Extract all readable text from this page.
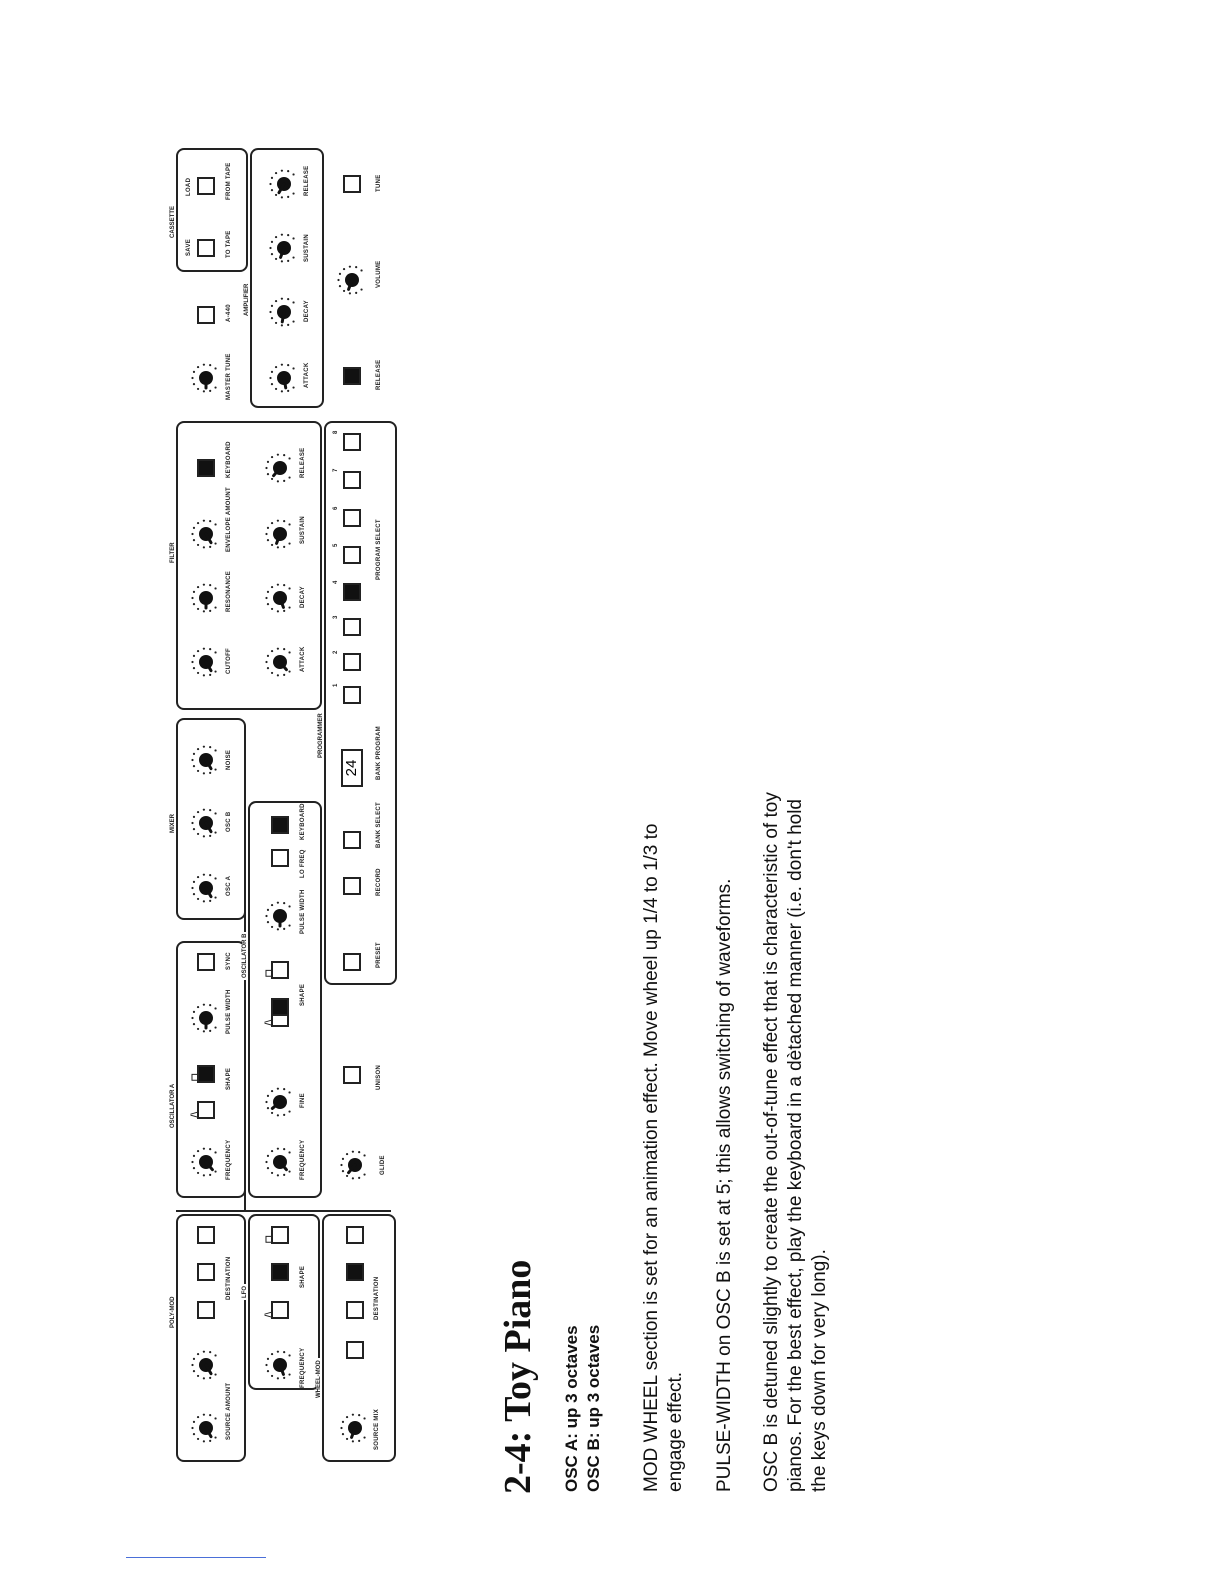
2-4: Toy Piano OSC A: up 3 octaves OSC B: up 3 octaves MOD WHEEL section is set for an animation effect. Move wheel up 1/4 to 1/3 to engage effect. PULSE-WIDTH on OSC B is set at 5; this allows switching of waveforms. OSC B is detuned slightly to create the out-of-tune effect that is characteristic of toy pianos. For the best effect, play the keyboard in a dètached manner (i.e. don't hold the keys down for very long).
POLY-MOD
SOURCE AMOUNT
DESTINATION LFO
/\
⊓
FREQUENCY
SHAPE
WHEEL-MOD
SOURCE MIX
DESTINATION
OSCILLATOR A /\
⊓
FREQUENCY
SHAPE
PULSE WIDTH
SYNC OSCILLATOR B
/\
⊓
FREQUENCY
FINE
SHAPE
PULSE WIDTH
LO FREQ
KEYBOARD
GLIDE
UNISON
MIXER
OSC A
OSC B
NOISE
PROGRAMMER
24
PRESET
RECORD
BANK SELECT
BANK PROGRAM
1
2
3
4
5
6
7
8
PROGRAM SELECT
FILTER
CUTOFF
RESONANCE
ENVELOPE AMOUNT
KEYBOARD
ATTACK
DECAY
SUSTAIN
RELEASE
MASTER TUNE
A-440
CASSETTE
SAVE
LOAD
TO TAPE
FROM TAPE
AMPLIFIER
ATTACK
DECAY
SUSTAIN
RELEASE
RELEASE
VOLUME
TUNE
